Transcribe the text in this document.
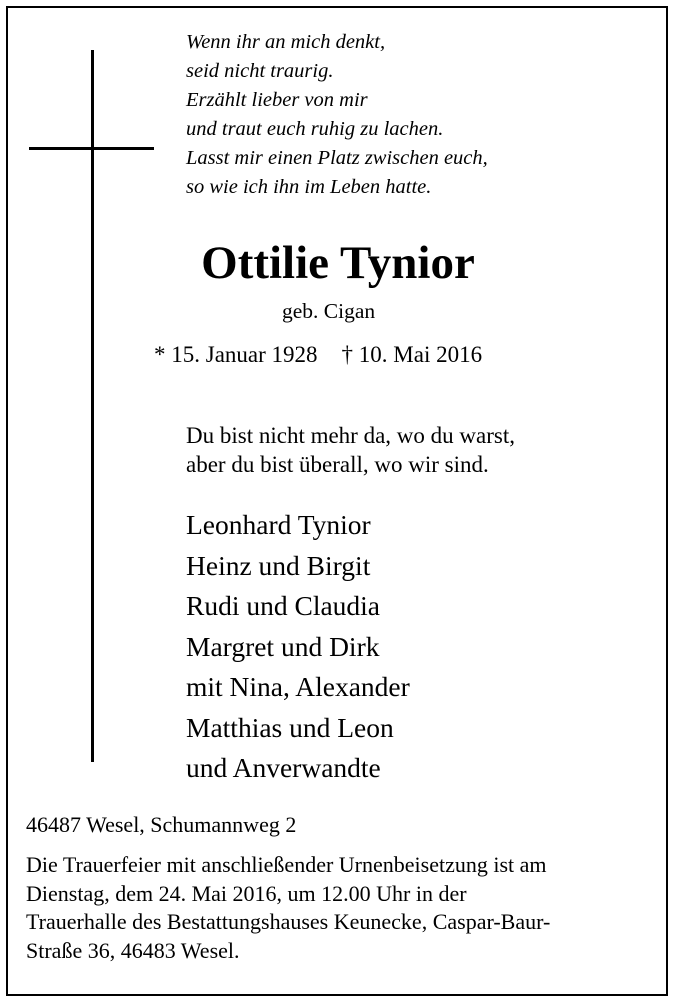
Wenn ihr an mich denkt,
seid nicht traurig.
Erzählt lieber von mir
und traut euch ruhig zu lachen.
Lasst mir einen Platz zwischen euch,
so wie ich ihn im Leben hatte.
Ottilie Tynior
geb. Cigan
* 15. Januar 1928 † 10. Mai 2016
Du bist nicht mehr da, wo du warst,
aber du bist überall, wo wir sind.
Leonhard Tynior
Heinz und Birgit
Rudi und Claudia
Margret und Dirk
mit Nina, Alexander
Matthias und Leon
und Anverwandte
46487 Wesel, Schumannweg 2
Die Trauerfeier mit anschließender Urnenbeisetzung ist am
Dienstag, dem 24. Mai 2016, um 12.00 Uhr in der
Trauerhalle des Bestattungshauses Keunecke, Caspar-Baur-
Straße 36, 46483 Wesel.
